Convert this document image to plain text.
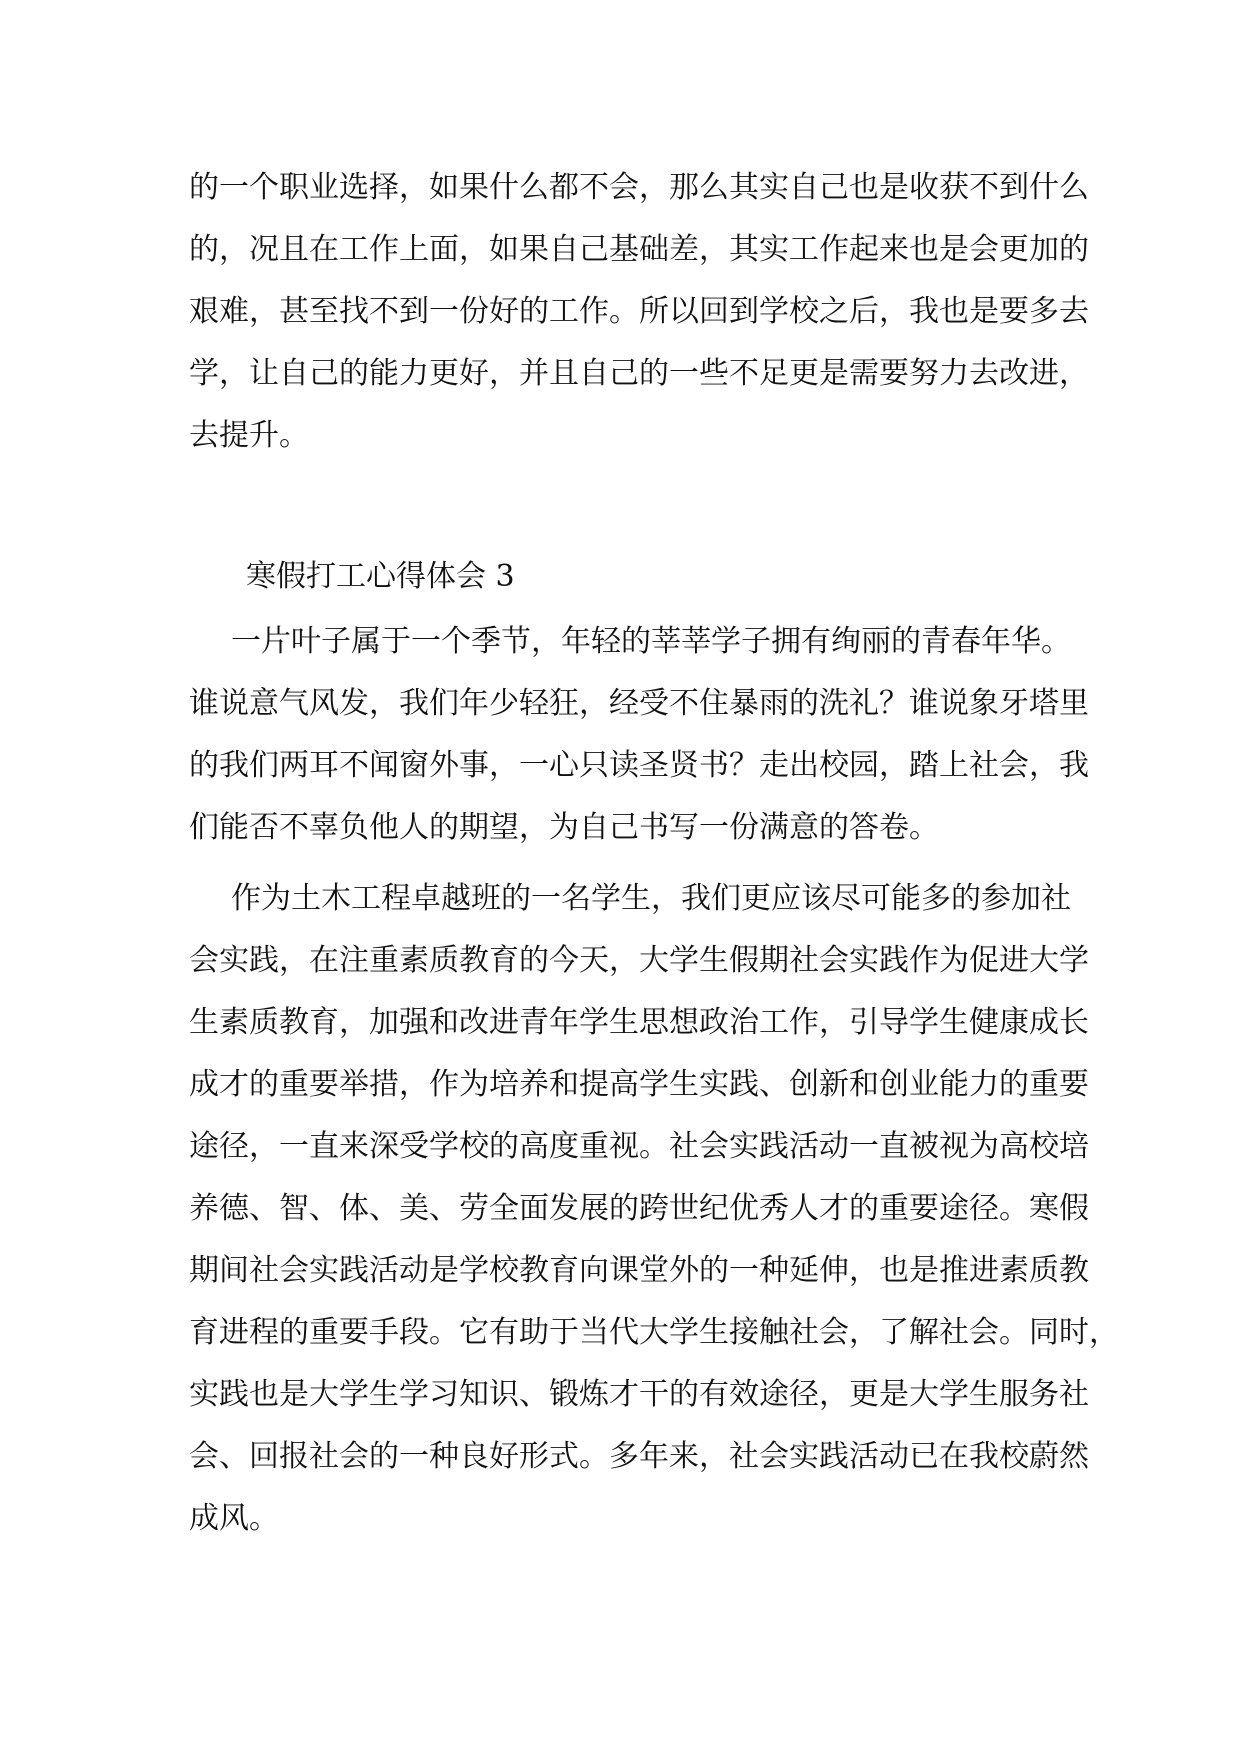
的一个职业选择，如果什么都不会，那么其实自己也是收获不到什么
的，况且在工作上面，如果自己基础差，其实工作起来也是会更加的
艰难，甚至找不到一份好的工作。所以回到学校之后，我也是要多去
学，让自己的能力更好，并且自己的一些不足更是需要努力去改进，
去提升。
寒假打工心得体会 3
一片叶子属于一个季节，年轻的莘莘学子拥有绚丽的青春年华。
谁说意气风发，我们年少轻狂，经受不住暴雨的洗礼？谁说象牙塔里
的我们两耳不闻窗外事，一心只读圣贤书？走出校园，踏上社会，我
们能否不辜负他人的期望，为自己书写一份满意的答卷。
作为土木工程卓越班的一名学生，我们更应该尽可能多的参加社
会实践，在注重素质教育的今天，大学生假期社会实践作为促进大学
生素质教育，加强和改进青年学生思想政治工作，引导学生健康成长
成才的重要举措，作为培养和提高学生实践、创新和创业能力的重要
途径，一直来深受学校的高度重视。社会实践活动一直被视为高校培
养德、智、体、美、劳全面发展的跨世纪优秀人才的重要途径。寒假
期间社会实践活动是学校教育向课堂外的一种延伸，也是推进素质教
育进程的重要手段。它有助于当代大学生接触社会，了解社会。同时，
实践也是大学生学习知识、锻炼才干的有效途径，更是大学生服务社
会、回报社会的一种良好形式。多年来，社会实践活动已在我校蔚然
成风。
